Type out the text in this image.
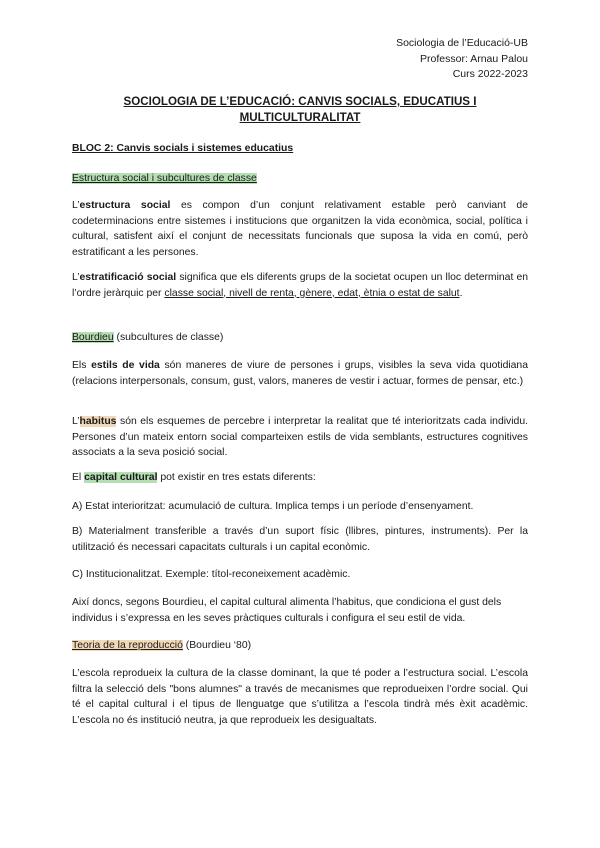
Sociologia de l’Educació-UB
Professor: Arnau Palou
Curs 2022-2023
SOCIOLOGIA DE L’EDUCACIÓ: CANVIS SOCIALS, EDUCATIUS I
MULTICULTURALITAT
BLOC 2: Canvis socials i sistemes educatius
Estructura social i subcultures de classe
L’estructura social es compon d’un conjunt relativament estable però canviant de codeterminacions entre sistemes i institucions que organitzen la vida econòmica, social, política i cultural, satisfent així el conjunt de necessitats funcionals que suposa la vida en comú, però estratificant a les persones.
L’estratificació social significa que els diferents grups de la societat ocupen un lloc determinat en l’ordre jeràrquic per classe social, nivell de renta, gènere, edat, ètnia o estat de salut.
Bourdieu (subcultures de classe)
Els estils de vida són maneres de viure de persones i grups, visibles la seva vida quotidiana (relacions interpersonals, consum, gust, valors, maneres de vestir i actuar, formes de pensar, etc.)
L’habitus són els esquemes de percebre i interpretar la realitat que té interioritzats cada individu. Persones d’un mateix entorn social comparteixen estils de vida semblants, estructures cognitives associats a la seva posició social.
El capital cultural pot existir en tres estats diferents:
A) Estat interioritzat: acumulació de cultura. Implica temps i un període d’ensenyament.
B) Materialment transferible a través d’un suport físic (llibres, pintures, instruments). Per la utilització és necessari capacitats culturals i un capital econòmic.
C) Institucionalitzat. Exemple: títol-reconeixement acadèmic.
Així doncs, segons Bourdieu, el capital cultural alimenta l’habitus, que condiciona el gust dels individus i s’expressa en les seves pràctiques culturals i configura el seu estil de vida.
Teoria de la reproducció (Bourdieu ‘80)
L’escola reprodueix la cultura de la classe dominant, la que té poder a l’estructura social. L’escola filtra la selecció dels "bons alumnes" a través de mecanismes que reprodueixen l’ordre social. Qui té el capital cultural i el tipus de llenguatge que s’utilitza a l’escola tindrà més èxit acadèmic. L’escola no és institució neutra, ja que reprodueix les desigualtats.
